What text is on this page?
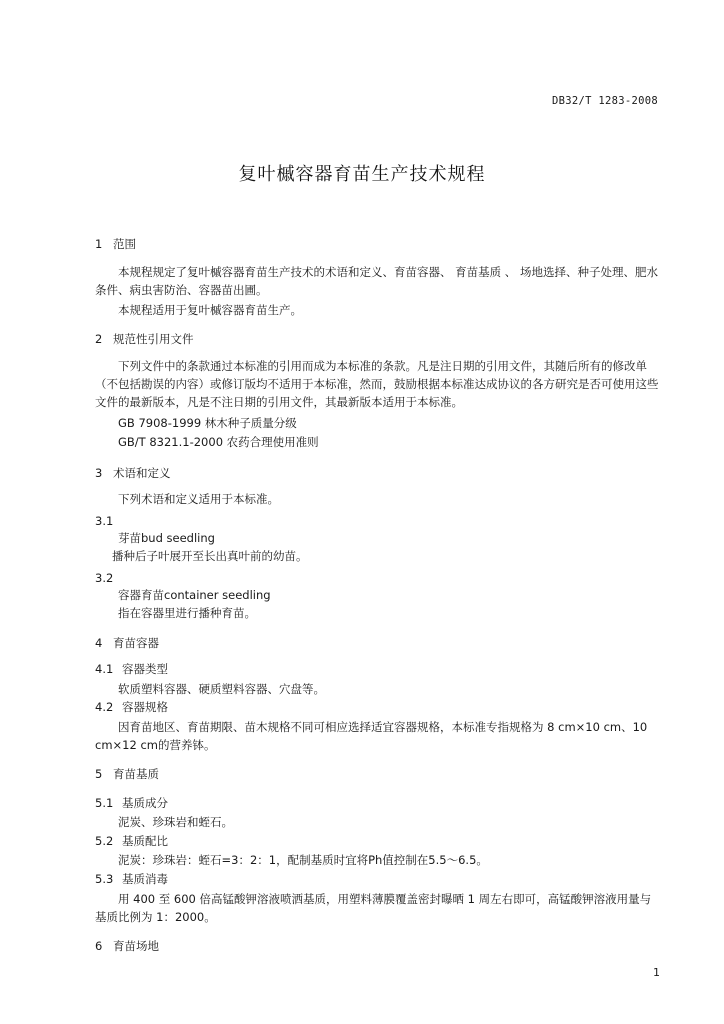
DB32/T 1283-2008
复叶槭容器育苗生产技术规程
1 范围
本规程规定了复叶槭容器育苗生产技术的术语和定义、育苗容器、 育苗基质 、 场地选择、种子处理、肥水条件、病虫害防治、容器苗出圃。
本规程适用于复叶槭容器育苗生产。
2 规范性引用文件
下列文件中的条款通过本标准的引用而成为本标准的条款。凡是注日期的引用文件，其随后所有的修改单（不包括勘误的内容）或修订版均不适用于本标准，然而，鼓励根据本标准达成协议的各方研究是否可使用这些文件的最新版本，凡是不注日期的引用文件，其最新版本适用于本标准。
GB 7908-1999 林木种子质量分级
GB/T 8321.1-2000 农药合理使用准则
3 术语和定义
下列术语和定义适用于本标准。
3.1
芽苗bud seedling
播种后子叶展开至长出真叶前的幼苗。
3.2
容器育苗container seedling
指在容器里进行播种育苗。
4 育苗容器
4.1 容器类型
软质塑料容器、硬质塑料容器、穴盘等。
4.2 容器规格
因育苗地区、育苗期限、苗木规格不同可相应选择适宜容器规格，本标准专指规格为 8 cm×10 cm、10 cm×12 cm的营养钵。
5 育苗基质
5.1 基质成分
泥炭、珍珠岩和蛭石。
5.2 基质配比
泥炭：珍珠岩：蛭石=3：2：1，配制基质时宜将Ph值控制在5.5～6.5。
5.3 基质消毒
用 400 至 600 倍高锰酸钾溶液喷洒基质，用塑料薄膜覆盖密封曝晒 1 周左右即可，高锰酸钾溶液用量与基质比例为 1：2000。
6 育苗场地
1
